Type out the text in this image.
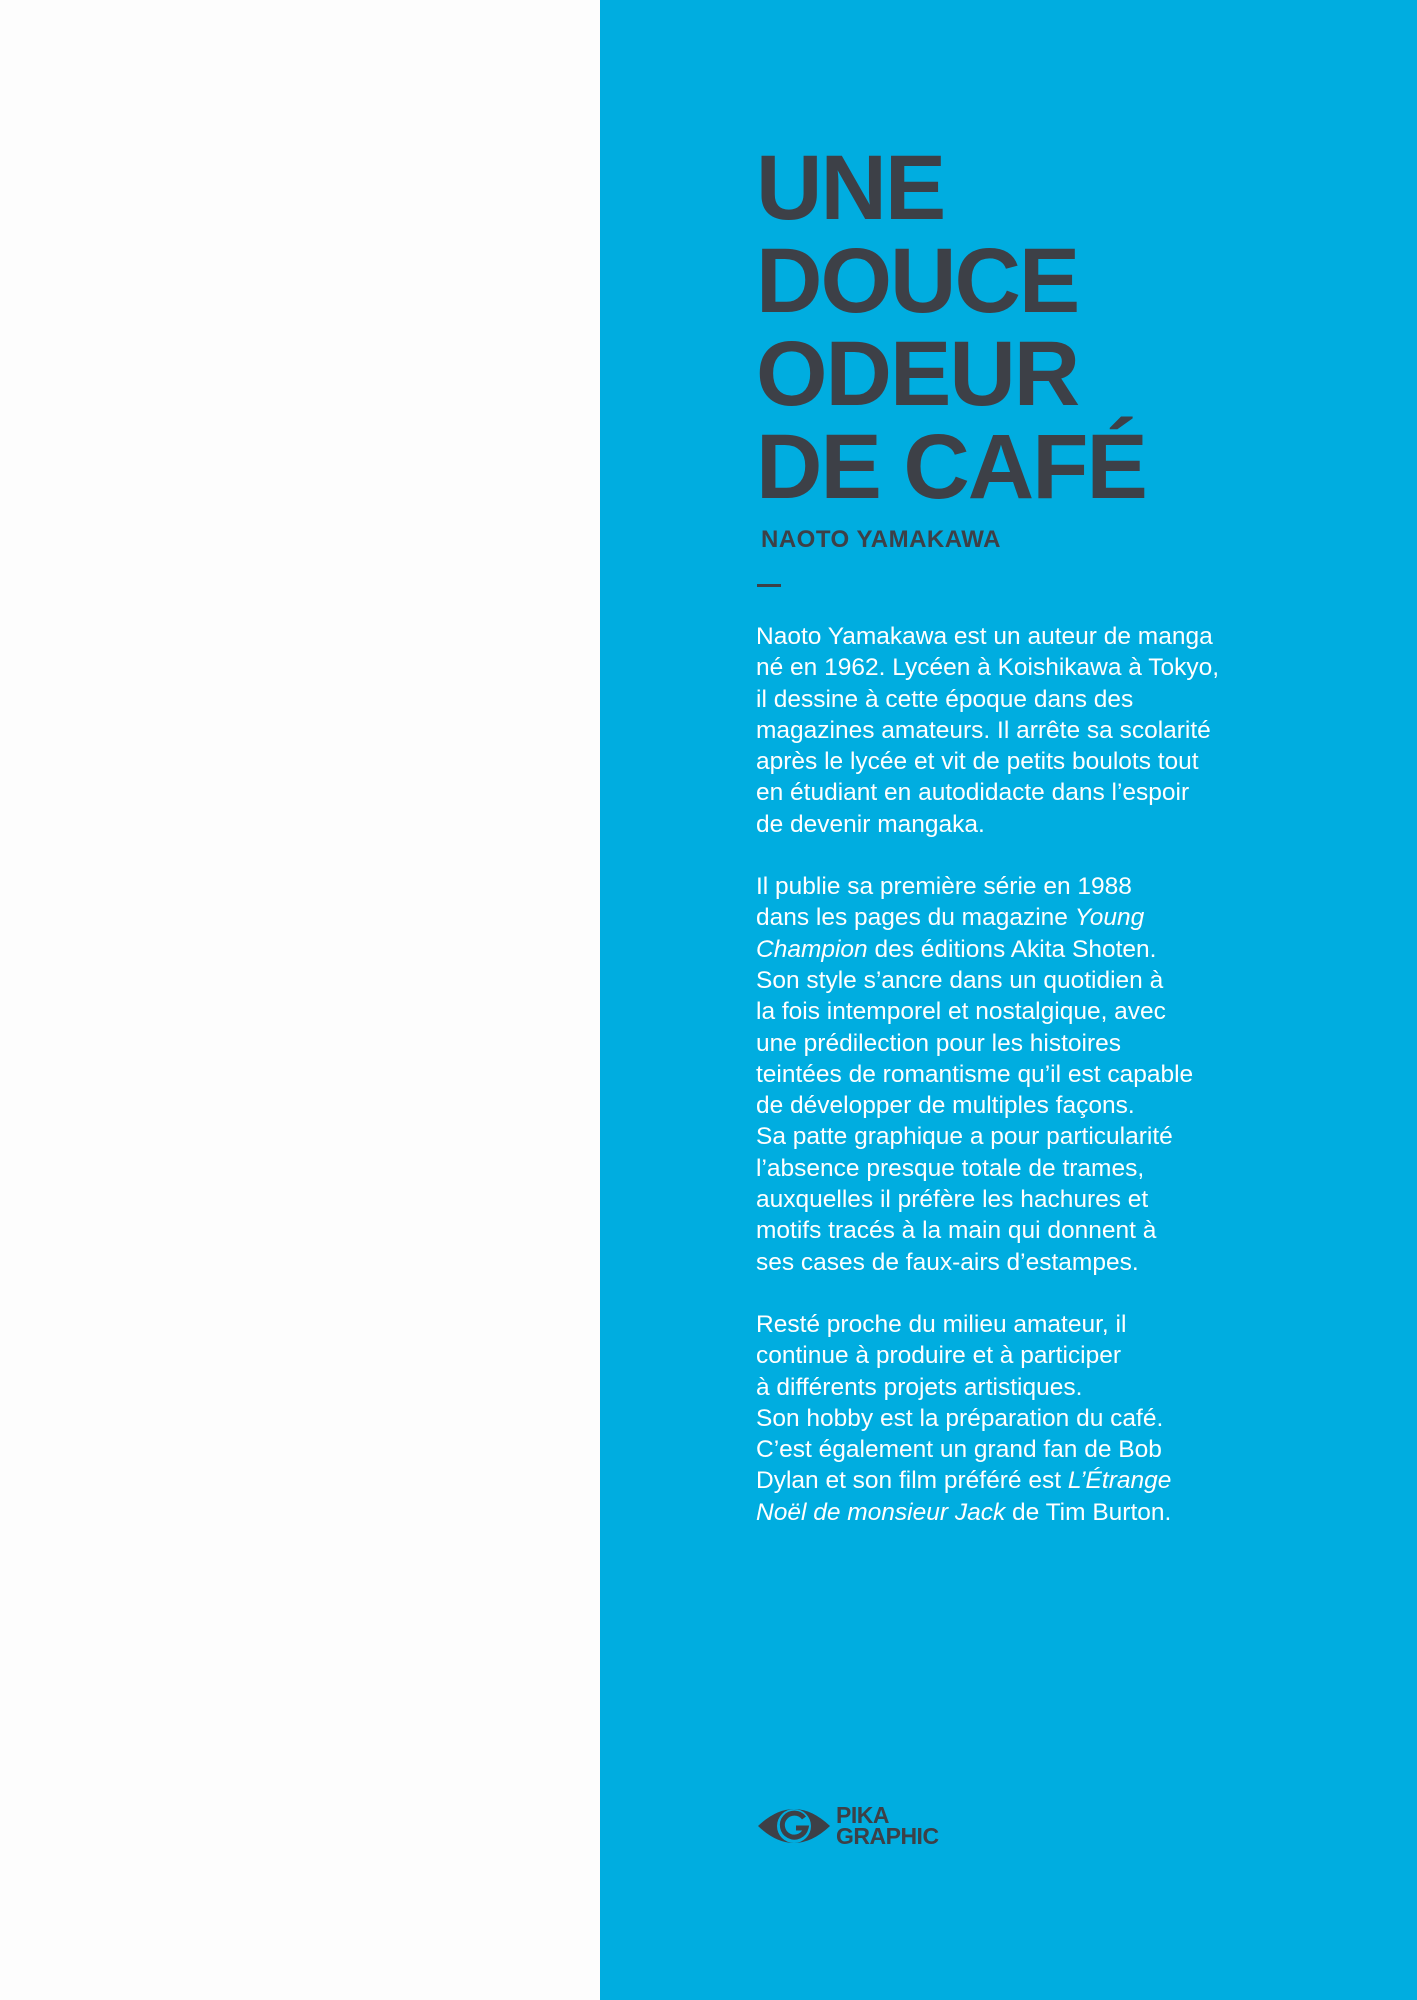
UNE
DOUCE
ODEUR
DE CAFÉ
NAOTO YAMAKAWA

Naoto Yamakawa est un auteur de manga
né en 1962. Lycéen à Koishikawa à Tokyo,
il dessine à cette époque dans des
magazines amateurs. Il arrête sa scolarité
après le lycée et vit de petits boulots tout
en étudiant en autodidacte dans l’espoir
de devenir mangaka.

Il publie sa première série en 1988
dans les pages du magazine Young
Champion des éditions Akita Shoten.
Son style s’ancre dans un quotidien à
la fois intemporel et nostalgique, avec
une prédilection pour les histoires
teintées de romantisme qu’il est capable
de développer de multiples façons.
Sa patte graphique a pour particularité
l’absence presque totale de trames,
auxquelles il préfère les hachures et
motifs tracés à la main qui donnent à
ses cases de faux-airs d’estampes.

Resté proche du milieu amateur, il
continue à produire et à participer
à différents projets artistiques.
Son hobby est la préparation du café.
C’est également un grand fan de Bob
Dylan et son film préféré est L’Étrange
Noël de monsieur Jack de Tim Burton.

PIKA
GRAPHIC
